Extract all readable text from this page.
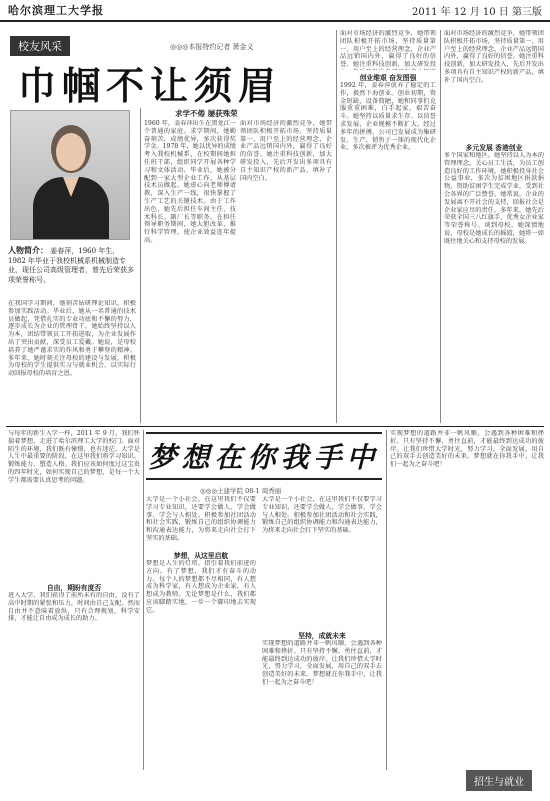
哈尔滨理工大学报	2011 年 12 月 10 日 第三版
校友风采	◎◎◎本报特约记者 萧金义
巾帼不让须眉
人物简介： 姜春萍，1960 年生，1982 年毕业于我校机械系机械制造专业，现任公司高级管理者，曾先后荣获多项荣誉称号。
在我国学习期间，她刻苦钻研理论知识，积极参加实践活动。毕业后，她从一名普通的技术员做起，凭借扎实的专业功底和不懈的努力，逐步成长为企业的管理骨干。她始终坚持以人为本，团结带领员工开拓进取，为企业发展作出了突出贡献，深受员工爱戴。她说，是母校培养了她严谨求实的作风和勇于攀登的精神。多年来，她时刻关注母校的建设与发展，积极为母校的学生提供实习与就业机会，以实际行动回报母校的培育之恩。
求学不倦 屡获殊荣
1960 年，姜春萍出生在黑龙江一个普通的家庭。求学期间，她勤奋刻苦，成绩优异，多次获得奖学金。1978 年，她以优异的成绩考入我校机械系，在校期间她担任班干部，组织同学开展各种学习和文体活动。毕业后，她被分配到一家大型企业工作，从基层技术员做起，她虚心向老师傅请教，深入生产一线，很快掌握了生产工艺的关键技术。由于工作出色，她先后担任车间主任、技术科长、副厂长等职务。在担任领导职务期间，她大胆改革，推行科学管理，使企业效益连年提高。
面对市场经济的激烈竞争，她带领团队积极开拓市场，坚持质量第一、用户至上的经营理念，企业产品远销国内外，赢得了良好的信誉。她注重科技创新，加大研发投入，先后开发出多项具有自主知识产权的新产品，填补了国内空白。
面对市场经济的激烈竞争，她带领团队积极开拓市场，坚持质量第一、用户至上的经营理念，企业产品远销国内外，赢得了良好的信誉。她注重科技创新，加大研发投
创业维艰 奋发图强
1992 年，姜春萍放弃了稳定的工作，毅然下海创业。创业初期，资金短缺，设备简陋，她和同事们克服重重困难，白手起家，艰苦奋斗。她坚持以质量求生存、以信誉求发展，企业规模不断扩大。经过多年的拼搏，公司已发展成为集研发、生产、销售于一体的现代化企业，多次被评为优秀企业。
面对市场经济的激烈竞争，她带领团队积极开拓市场，坚持质量第一、用户至上的经营理念，企业产品远销国内外，赢得了良好的信誉。她注重科技创新，加大研发投入，先后开发出多项具有自主知识产权的新产品，填补了国内空白。
多元发展 香港创业
多个国家和地区。她坚持以人为本的管理理念，关心员工生活，为员工创造良好的工作环境。她积极投身社会公益事业，多次为贫困地区捐款捐物，资助贫困学生完成学业，受到社会各界的广泛赞誉。她常说，企业的发展离不开社会的支持，回报社会是企业家应尽的责任。多年来，她先后荣获全国三八红旗手、优秀女企业家等荣誉称号。谈到母校，她深情地说，母校是她成长的摇篮，她将一如既往地关心和支持母校的发展。
与每年的新生入学一样，2011 年 9 月，我们怀揣着梦想，走进了哈尔滨理工大学的校门。面对陌生的环境，我们既有憧憬，也有迷茫。大学是人生中最重要的阶段，在这里我们将学习知识、锻炼能力、塑造人格。我们应该如何度过这宝贵的四年时光，如何实现自己的梦想，是每一个大学生都需要认真思考的问题。
自由，期盼有度否
进入大学，我们获得了前所未有的自由，没有了高中时期的紧张和压力，时间由自己支配。然而自由并不意味着放纵，只有合理规划，科学安排，才能让自由成为成长的助力。
梦想在你我手中
◎◎◎土建学院 08-1 周秀丽
大学是一个小社会，在这里我们不仅要学习专业知识，还要学会做人、学会做事、学会与人相处。积极参加社团活动和社会实践，锻炼自己的组织协调能力和沟通表达能力，为将来走向社会打下坚实的基础。
梦想，从这里启航
梦想是人生的灯塔，指引着我们前进的方向。有了梦想，我们才有奋斗的动力。每个人的梦想都不尽相同，有人想成为科学家，有人想成为企业家，有人想成为教师。无论梦想是什么，我们都应该脚踏实地，一步一个脚印地去实现它。
大学是一个小社会，在这里我们不仅要学习专业知识，还要学会做人、学会做事、学会与人相处。积极参加社团活动和社会实践，锻炼自己的组织协调能力和沟通表达能力，为将来走向社会打下坚实的基础。
坚持，成就未来
实现梦想的道路并非一帆风顺，会遇到各种困难和挫折。只有坚持不懈，勇往直前，才能最终到达成功的彼岸。让我们珍惜大学时光，努力学习，全面发展，用自己的双手去创造美好的未来。梦想就在你我手中，让我们一起为之奋斗吧！
实现梦想的道路并非一帆风顺，会遇到各种困难和挫折。只有坚持不懈，勇往直前，才能最终到达成功的彼岸。让我们珍惜大学时光，努力学习，全面发展，用自己的双手去创造美好的未来。梦想就在你我手中，让我们一起为之奋斗吧！
招生与就业
